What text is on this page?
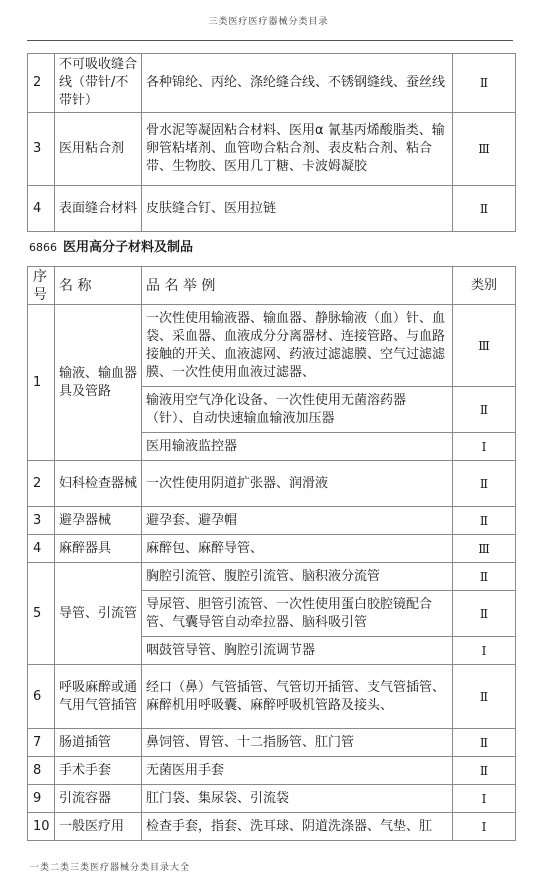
三类医疗医疗器械分类目录
2	不可吸收缝合线（带针/不带针）	各种锦纶、丙纶、涤纶缝合线、不锈钢缝线、蚕丝线	Ⅱ
3	医用粘合剂	骨水泥等凝固粘合材料、医用α 氰基丙烯酸脂类、输卵管粘堵剂、血管吻合粘合剂、表皮粘合剂、粘合带、生物胶、医用几丁糖、卡波姆凝胶	Ⅲ
4	表面缝合材料	皮肤缝合钉、医用拉链	Ⅱ
6866 医用高分子材料及制品
序号	名 称	品 名 举 例	类别
1	输液、输血器具及管路	一次性使用输液器、输血器、静脉输液（血）针、血袋、采血器、血液成分分离器材、连接管路、与血路接触的开关、血液滤网、药液过滤滤膜、空气过滤滤膜、一次性使用血液过滤器、	Ⅲ
		输液用空气净化设备、一次性使用无菌溶药器（针）、自动快速输血输液加压器	Ⅱ
		医用输液监控器	Ⅰ
2	妇科检查器械	一次性使用阴道扩张器、润滑液	Ⅱ
3	避孕器械	避孕套、避孕帽	Ⅱ
4	麻醉器具	麻醉包、麻醉导管、	Ⅲ
5	导管、引流管	胸腔引流管、腹腔引流管、脑积液分流管	Ⅱ
		导尿管、胆管引流管、一次性使用蛋白胶腔镜配合管、气囊导管自动牵拉器、脑科吸引管	Ⅱ
		咽鼓管导管、胸腔引流调节器	Ⅰ
6	呼吸麻醉或通气用气管插管	经口（鼻）气管插管、气管切开插管、支气管插管、麻醉机用呼吸囊、麻醉呼吸机管路及接头、	Ⅱ
7	肠道插管	鼻饲管、胃管、十二指肠管、肛门管	Ⅱ
8	手术手套	无菌医用手套	Ⅱ
9	引流容器	肛门袋、集尿袋、引流袋	Ⅰ
10	一般医疗用	检查手套，指套、洗耳球、阴道洗涤器、气垫、肛	Ⅰ
一类二类三类医疗器械分类目录大全
